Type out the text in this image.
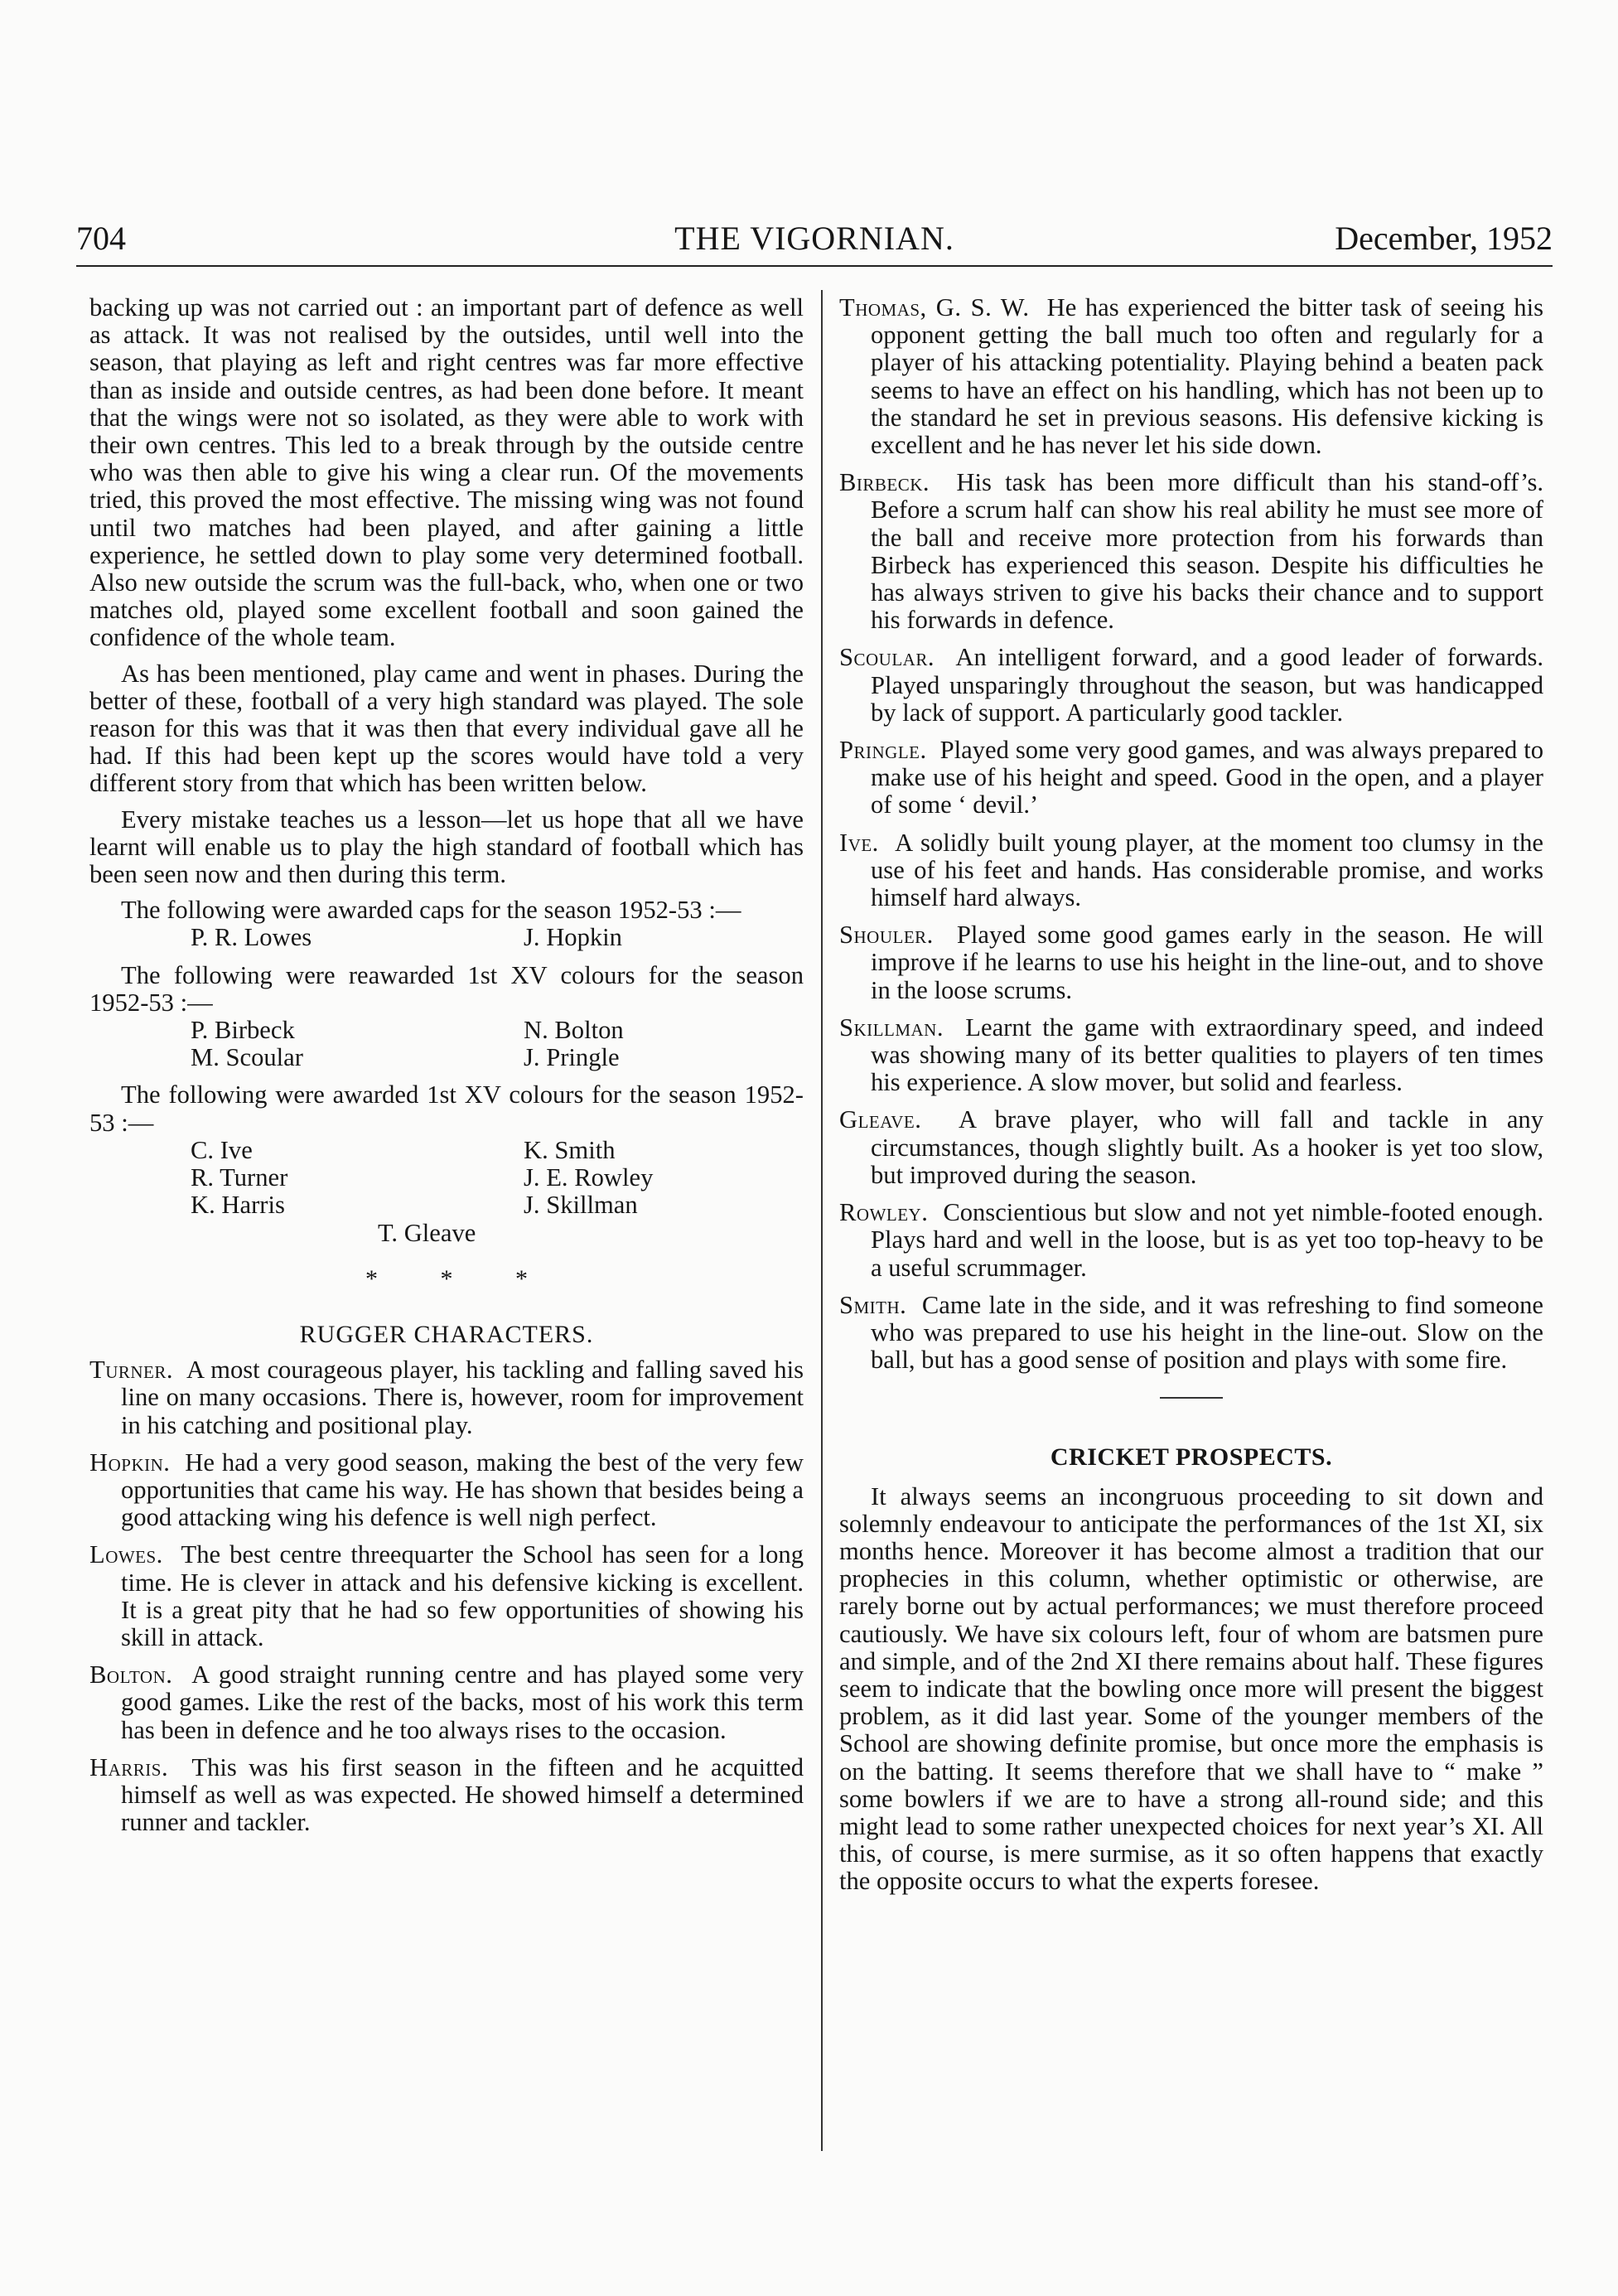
704	THE VIGORNIAN.	December, 1952

backing up was not carried out : an important part of defence as well as attack. It was not realised by the outsides, until well into the season, that playing as left and right centres was far more effective than as inside and outside centres, as had been done before. It meant that the wings were not so isolated, as they were able to work with their own centres. This led to a break through by the outside centre who was then able to give his wing a clear run. Of the movements tried, this proved the most effective. The missing wing was not found until two matches had been played, and after gaining a little experience, he settled down to play some very determined football. Also new outside the scrum was the full-back, who, when one or two matches old, played some excellent football and soon gained the confidence of the whole team.

As has been mentioned, play came and went in phases. During the better of these, football of a very high standard was played. The sole reason for this was that it was then that every individual gave all he had. If this had been kept up the scores would have told a very different story from that which has been written below.

Every mistake teaches us a lesson—let us hope that all we have learnt will enable us to play the high standard of football which has been seen now and then during this term.

The following were awarded caps for the season 1952-53 :—

P. R. Lowes	J. Hopkin

The following were reawarded 1st XV colours for the season 1952-53 :—

P. Birbeck	N. Bolton
M. Scoular	J. Pringle

The following were awarded 1st XV colours for the season 1952-53 :—

C. Ive	K. Smith
R. Turner	J. E. Rowley
K. Harris	J. Skillman
T. Gleave
* * *
RUGGER CHARACTERS.

Turner. A most courageous player, his tackling and falling saved his line on many occasions. There is, however, room for improvement in his catching and positional play.

Hopkin. He had a very good season, making the best of the very few opportunities that came his way. He has shown that besides being a good attacking wing his defence is well nigh perfect.

Lowes. The best centre threequarter the School has seen for a long time. He is clever in attack and his defensive kicking is excellent. It is a great pity that he had so few opportunities of showing his skill in attack.

Bolton. A good straight running centre and has played some very good games. Like the rest of the backs, most of his work this term has been in defence and he too always rises to the occasion.

Harris. This was his first season in the fifteen and he acquitted himself as well as was expected. He showed himself a determined runner and tackler.

Thomas, G. S. W. He has experienced the bitter task of seeing his opponent getting the ball much too often and regularly for a player of his attacking potentiality. Playing behind a beaten pack seems to have an effect on his handling, which has not been up to the standard he set in previous seasons. His defensive kicking is excellent and he has never let his side down.

Birbeck. His task has been more difficult than his stand-off’s. Before a scrum half can show his real ability he must see more of the ball and receive more protection from his forwards than Birbeck has experienced this season. Despite his difficulties he has always striven to give his backs their chance and to support his forwards in defence.

Scoular. An intelligent forward, and a good leader of forwards. Played unsparingly throughout the season, but was handicapped by lack of support. A particularly good tackler.

Pringle. Played some very good games, and was always prepared to make use of his height and speed. Good in the open, and a player of some ‘ devil.’

Ive. A solidly built young player, at the moment too clumsy in the use of his feet and hands. Has considerable promise, and works himself hard always.

Shouler. Played some good games early in the season. He will improve if he learns to use his height in the line-out, and to shove in the loose scrums.

Skillman. Learnt the game with extraordinary speed, and indeed was showing many of its better qualities to players of ten times his experience. A slow mover, but solid and fearless.

Gleave. A brave player, who will fall and tackle in any circumstances, though slightly built. As a hooker is yet too slow, but improved during the season.

Rowley. Conscientious but slow and not yet nimble-footed enough. Plays hard and well in the loose, but is as yet too top-heavy to be a useful scrummager.

Smith. Came late in the side, and it was refreshing to find someone who was prepared to use his height in the line-out. Slow on the ball, but has a good sense of position and plays with some fire.

CRICKET PROSPECTS.

It always seems an incongruous proceeding to sit down and solemnly endeavour to anticipate the performances of the 1st XI, six months hence. Moreover it has become almost a tradition that our prophecies in this column, whether optimistic or otherwise, are rarely borne out by actual performances; we must therefore proceed cautiously. We have six colours left, four of whom are batsmen pure and simple, and of the 2nd XI there remains about half. These figures seem to indicate that the bowling once more will present the biggest problem, as it did last year. Some of the younger members of the School are showing definite promise, but once more the emphasis is on the batting. It seems therefore that we shall have to “ make ” some bowlers if we are to have a strong all-round side; and this might lead to some rather unexpected choices for next year’s XI. All this, of course, is mere surmise, as it so often happens that exactly the opposite occurs to what the experts foresee.
